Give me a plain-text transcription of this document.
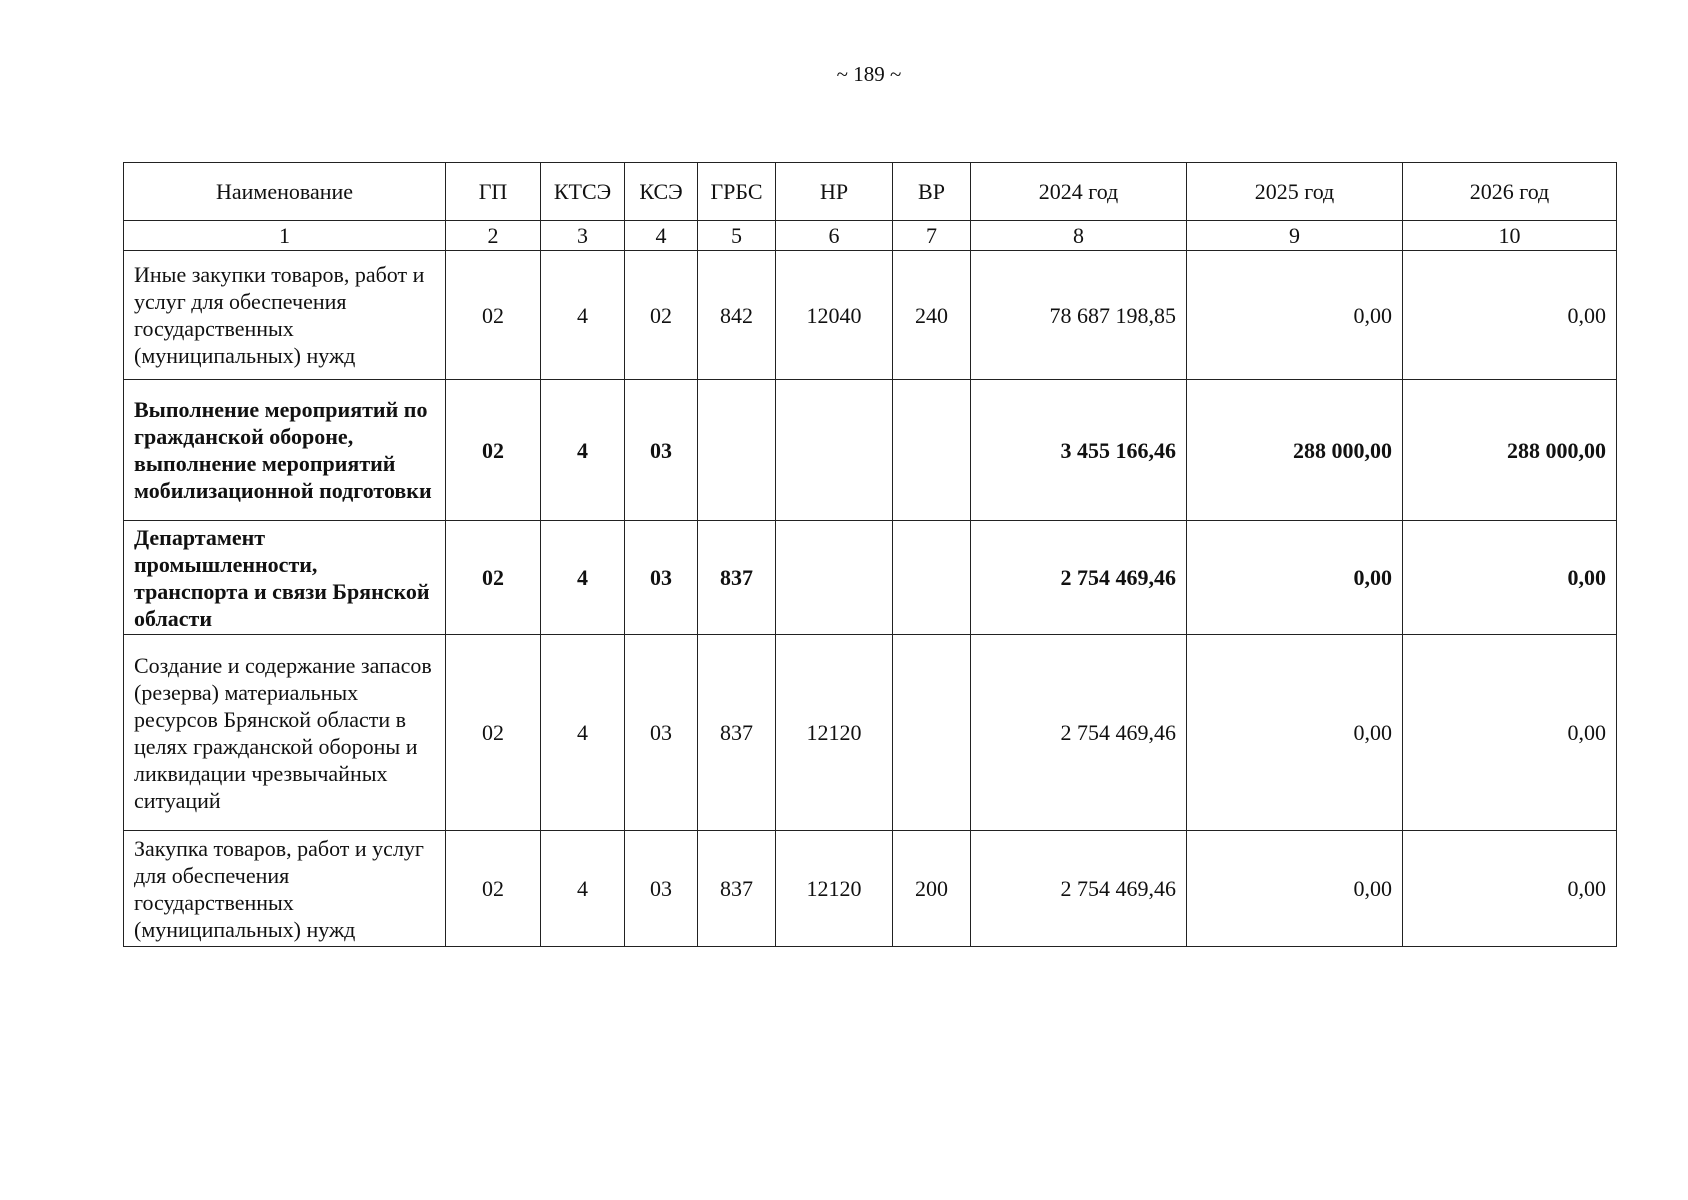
~ 189 ~
Наименование	ГП	КТСЭ	КСЭ	ГРБС	НР	ВР	2024 год	2025 год	2026 год
1	2	3	4	5	6	7	8	9	10
Иные закупки товаров, работ и услуг для обеспечения государственных (муниципальных) нужд	02	4	02	842	12040	240	78 687 198,85	0,00	0,00
Выполнение мероприятий по гражданской обороне, выполнение мероприятий мобилизационной подготовки	02	4	03				3 455 166,46	288 000,00	288 000,00
Департамент промышленности, транспорта и связи Брянской области	02	4	03	837			2 754 469,46	0,00	0,00
Создание и содержание запасов (резерва) материальных ресурсов Брянской области в целях гражданской обороны и ликвидации чрезвычайных ситуаций	02	4	03	837	12120		2 754 469,46	0,00	0,00
Закупка товаров, работ и услуг для обеспечения государственных (муниципальных) нужд	02	4	03	837	12120	200	2 754 469,46	0,00	0,00
